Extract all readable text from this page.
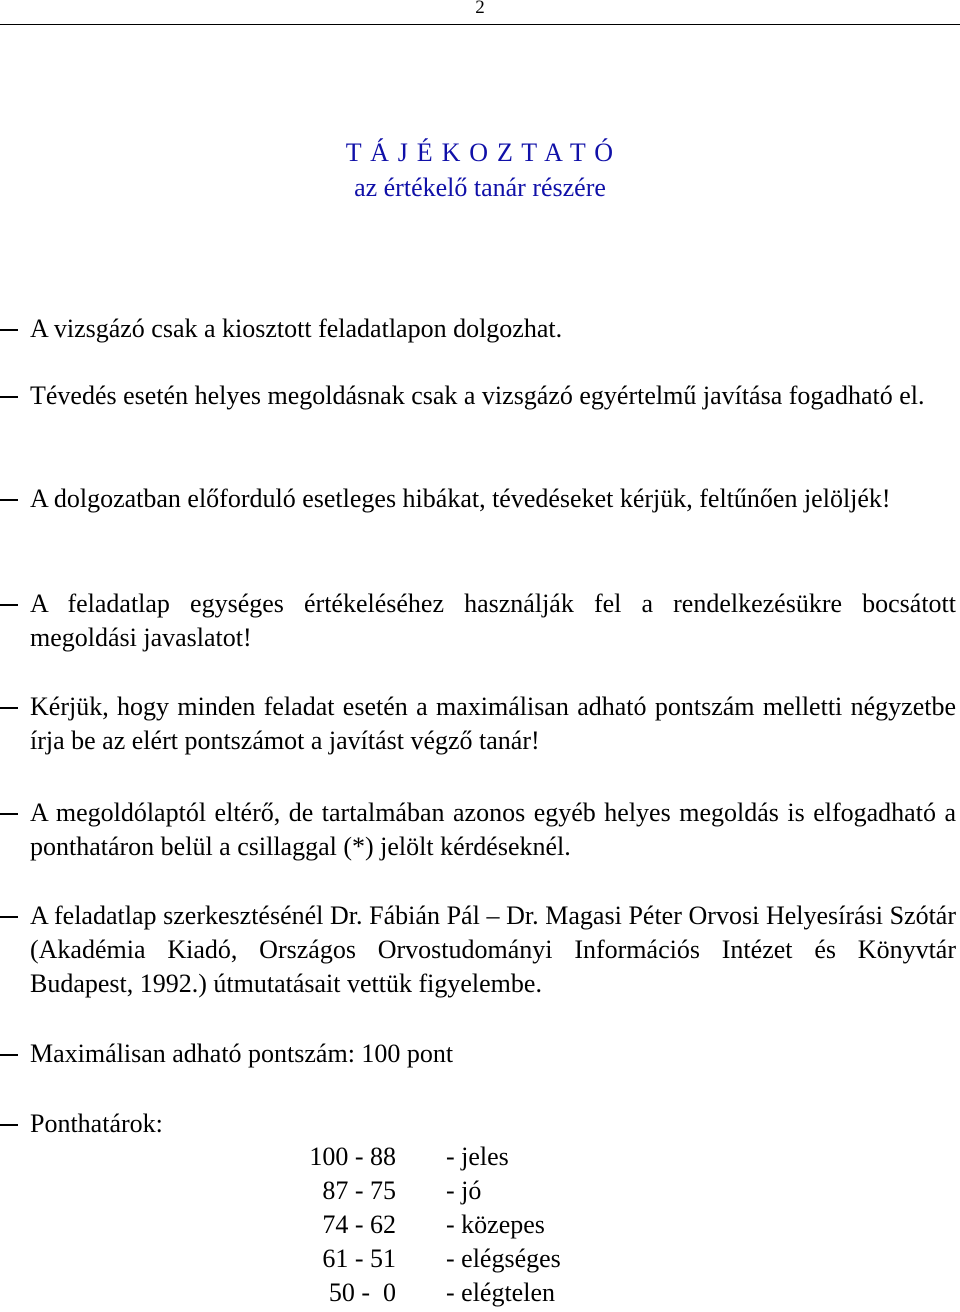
2
T Á J É K O Z T A T Ó
az értékelő tanár részére
A vizsgázó csak a kiosztott feladatlapon dolgozhat.
Tévedés esetén helyes megoldásnak csak a vizsgázó egyértelmű javítása fogadható el.
A dolgozatban előforduló esetleges hibákat, tévedéseket kérjük, feltűnően jelöljék!
A feladatlap egységes értékeléséhez használják fel a rendelkezésükre bocsátott megoldási javaslatot!
Kérjük, hogy minden feladat esetén a maximálisan adható pontszám melletti négyzetbe írja be az elért pontszámot a javítást végző tanár!
A megoldólaptól eltérő, de tartalmában azonos egyéb helyes megoldás is elfogadható a ponthatáron belül a csillaggal (*) jelölt kérdéseknél.
A feladatlap szerkesztésénél Dr. Fábián Pál – Dr. Magasi Péter Orvosi Helyesírási Szótár (Akadémia Kiadó, Országos Orvostudományi Információs Intézet és Könyvtár Budapest, 1992.) útmutatásait vettük figyelembe.
Maximálisan adható pontszám: 100 pont
Ponthatárok:
100 - 88 - jeles
87 - 75 - jó
74 - 62 - közepes
61 - 51 - elégséges
50 -  0 - elégtelen
